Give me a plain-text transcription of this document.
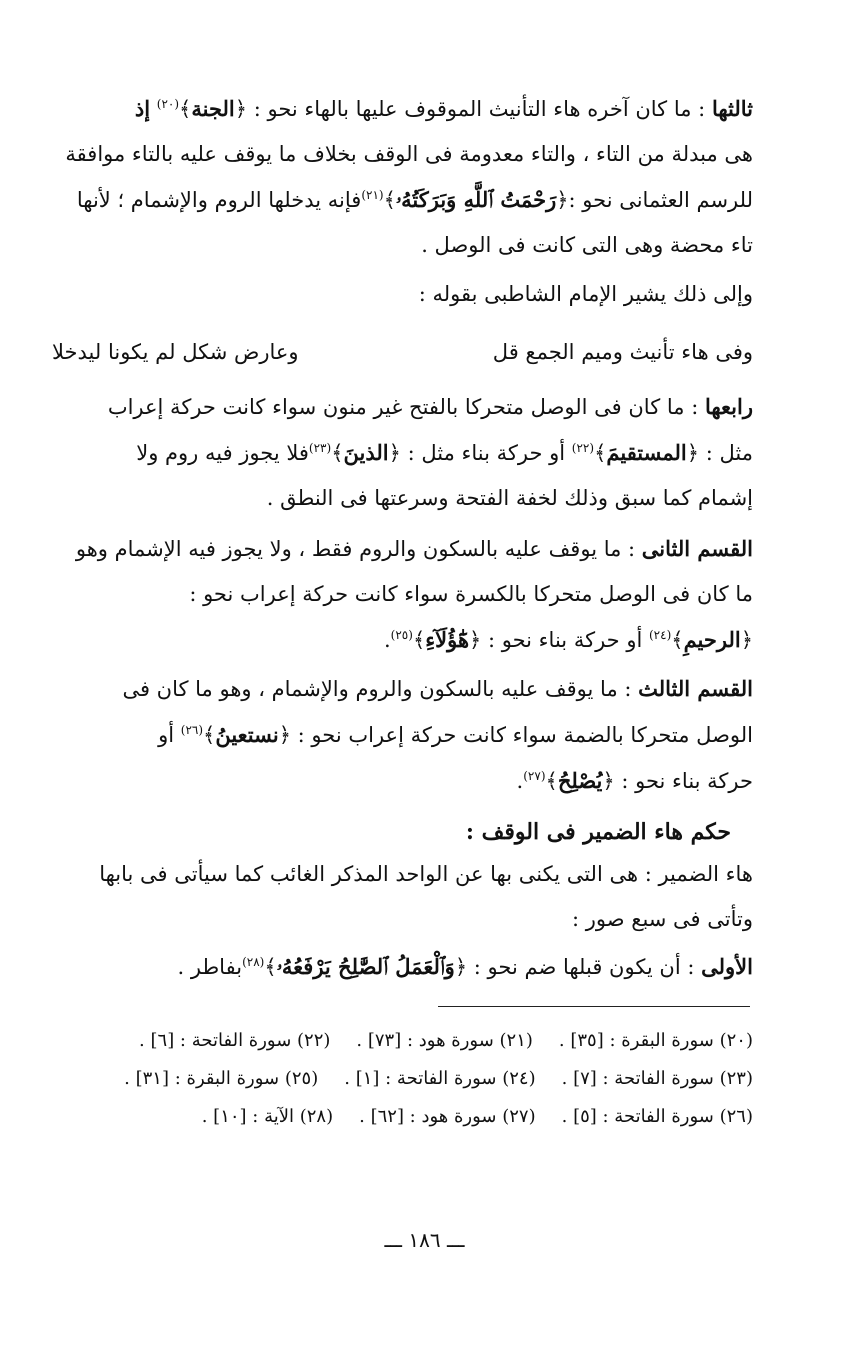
ثالثها : ما كان آخره هاء التأنيث الموقوف عليها بالهاء نحو : ﴿الجنة﴾$^{(٢٠)}$ إذ
هى مبدلة من التاء ، والتاء معدومة فى الوقف بخلاف ما يوقف عليه بالتاء موافقة
للرسم العثمانى نحو :﴿رَحْمَتُ ٱللَّهِ وَبَرَكَتُهُۥ﴾$^{(٢١)}$فإنه يدخلها الروم والإشمام ؛ لأنها
تاء محضة وهى التى كانت فى الوصل .
وإلى ذلك يشير الإمام الشاطبى بقوله :
وفى هاء تأنيث وميم الجمع قل
وعارض شكل لم يكونا ليدخلا
رابعها : ما كان فى الوصل متحركا بالفتح غير منون سواء كانت حركة إعراب
مثل : ﴿المستقيمَ﴾$^{(٢٢)}$ أو حركة بناء مثل : ﴿الذينَ﴾$^{(٢٣)}$فلا يجوز فيه روم ولا
إشمام كما سبق وذلك لخفة الفتحة وسرعتها فى النطق .
القسم الثانى : ما يوقف عليه بالسكون والروم فقط ، ولا يجوز فيه الإشمام وهو
ما كان فى الوصل متحركا بالكسرة سواء كانت حركة إعراب نحو :
﴿الرحيمِ﴾$^{(٢٤)}$ أو حركة بناء نحو : ﴿هَٰٓؤُلَآءِ﴾$^{(٢٥)}$.
القسم الثالث : ما يوقف عليه بالسكون والروم والإشمام ، وهو ما كان فى
الوصل متحركا بالضمة سواء كانت حركة إعراب نحو : ﴿نستعينُ﴾$^{(٢٦)}$ أو
حركة بناء نحو : ﴿يُصْلِحُ﴾$^{(٢٧)}$.
حكم هاء الضمير فى الوقف :
هاء الضمير : هى التى يكنى بها عن الواحد المذكر الغائب كما سيأتى فى بابها
وتأتى فى سبع صور :
الأولى : أن يكون قبلها ضم نحو : ﴿وَٱلْعَمَلُ ٱلصَّٰلِحُ يَرْفَعُهُۥ﴾$^{(٢٨)}$بفاطر .
(٢٠) سورة البقرة : [٣٥] .
(٢١) سورة هود : [٧٣] .
(٢٢) سورة الفاتحة : [٦] .
(٢٣) سورة الفاتحة : [٧] .
(٢٤) سورة الفاتحة : [١] .
(٢٥) سورة البقرة : [٣١] .
(٢٦) سورة الفاتحة : [٥] .
(٢٧) سورة هود : [٦٢] .
(٢٨) الآية : [١٠] .
ـــ ١٨٦ ـــ
